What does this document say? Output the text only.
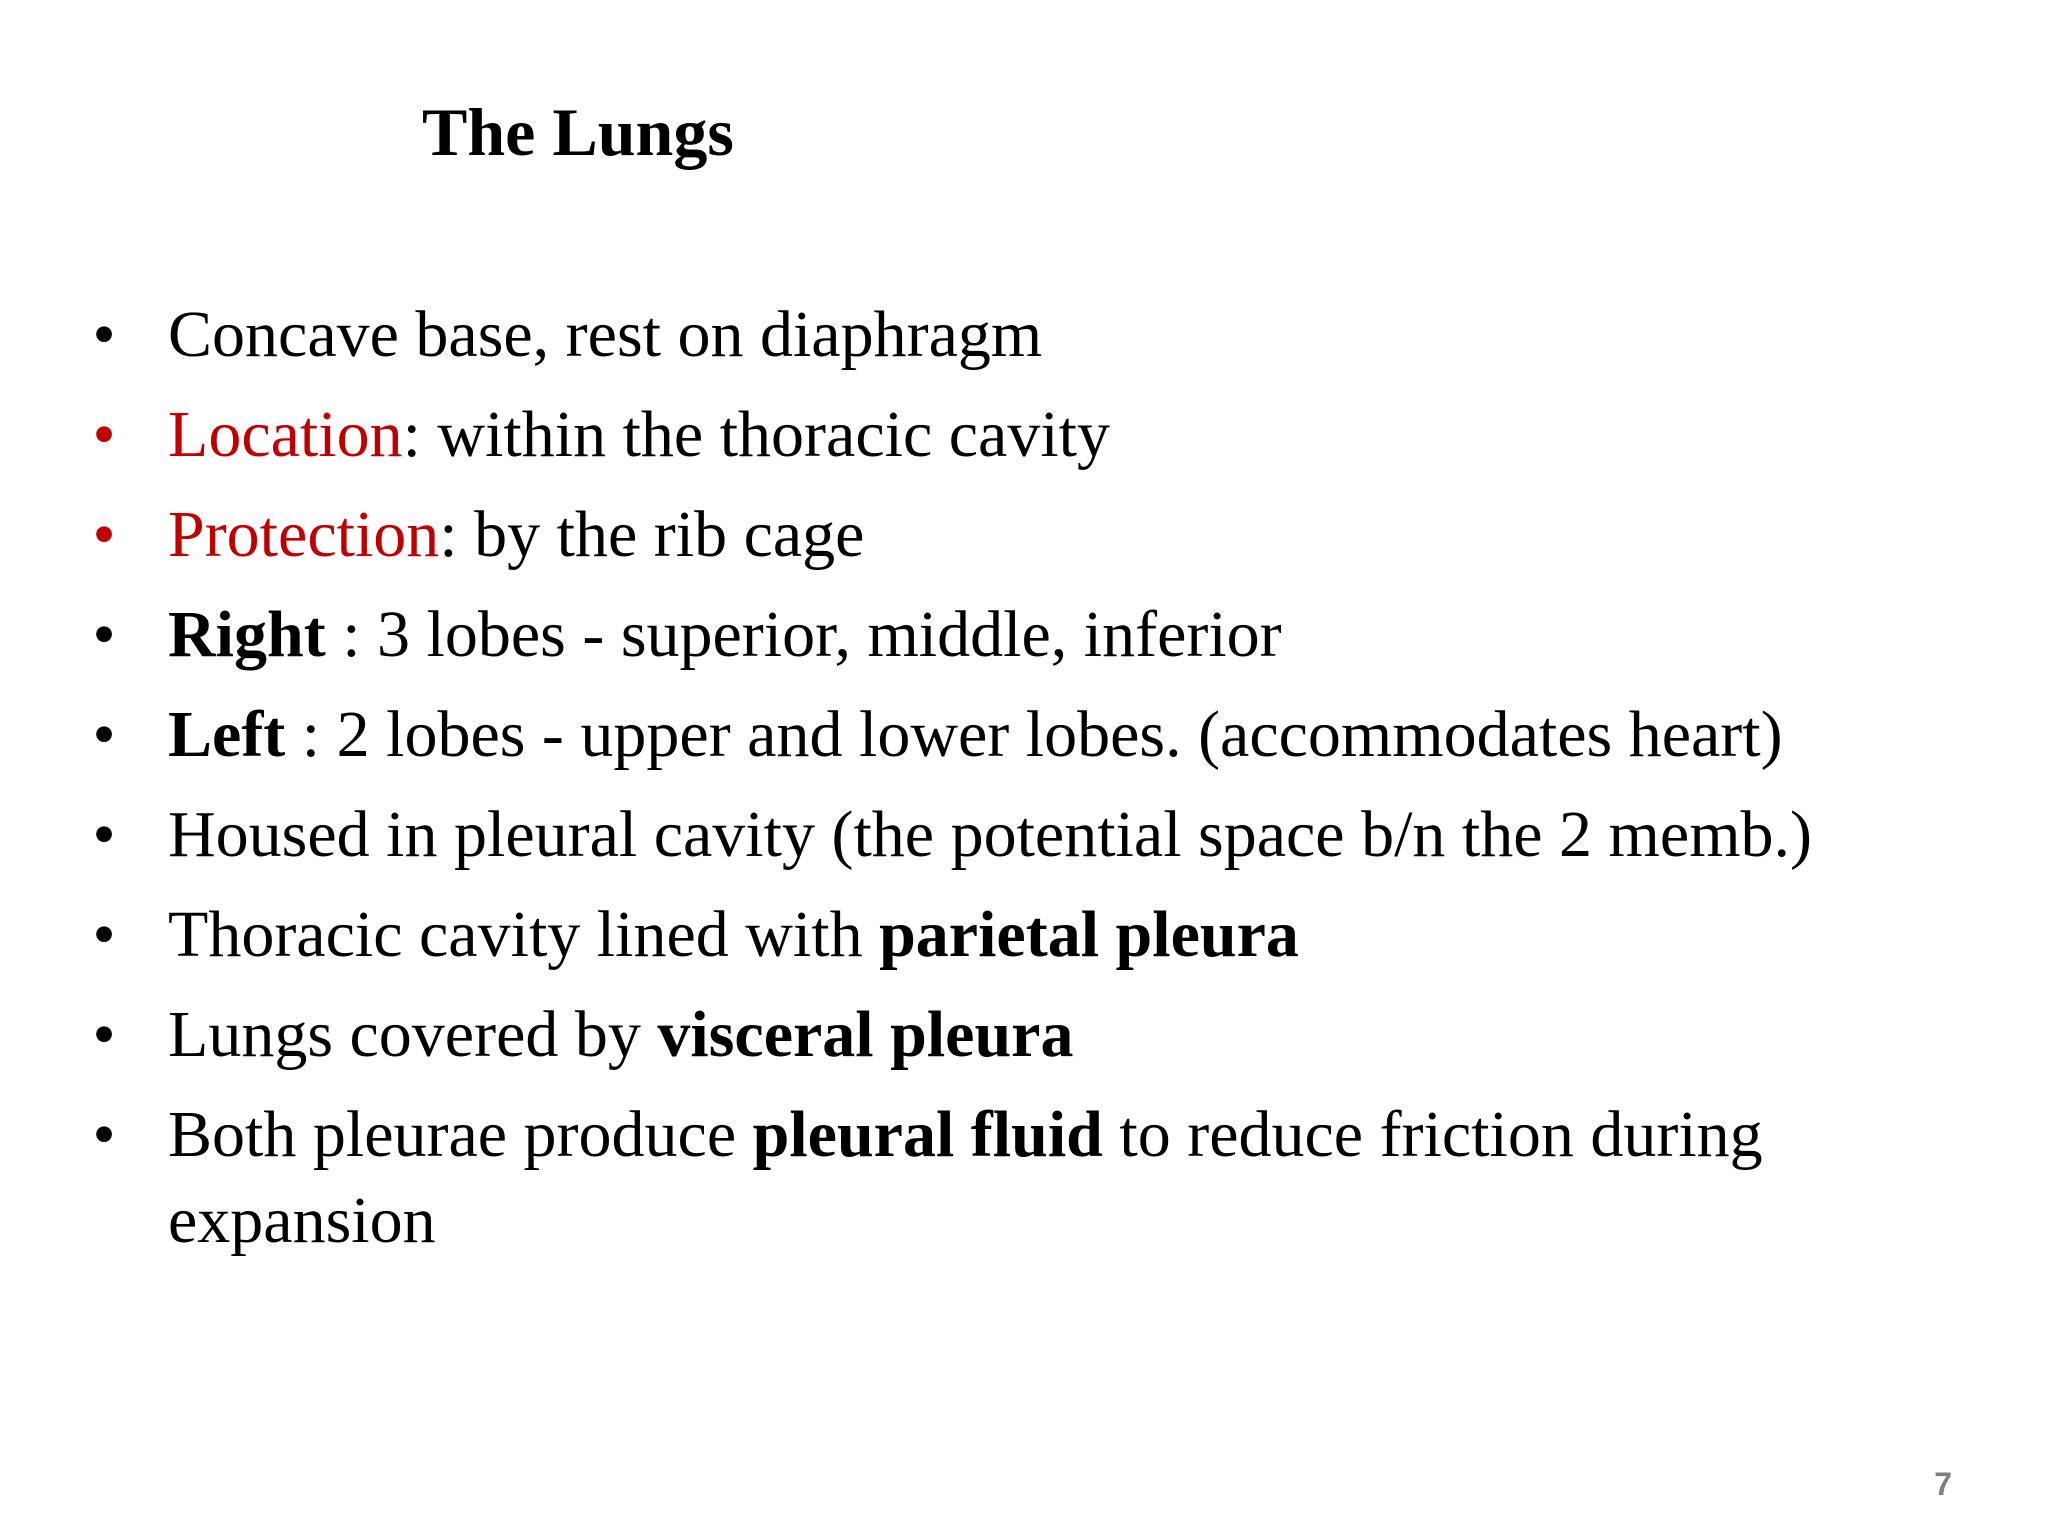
The Lungs
• Concave base, rest on diaphragm
• Location: within the thoracic cavity
• Protection: by the rib cage
• Right : 3 lobes - superior, middle, inferior
• Left : 2 lobes - upper and lower lobes. (accommodates heart)
• Housed in pleural cavity (the potential space b/n the 2 memb.)
• Thoracic cavity lined with parietal pleura
• Lungs covered by visceral pleura
• Both pleurae produce pleural fluid to reduce friction during
expansion
7
